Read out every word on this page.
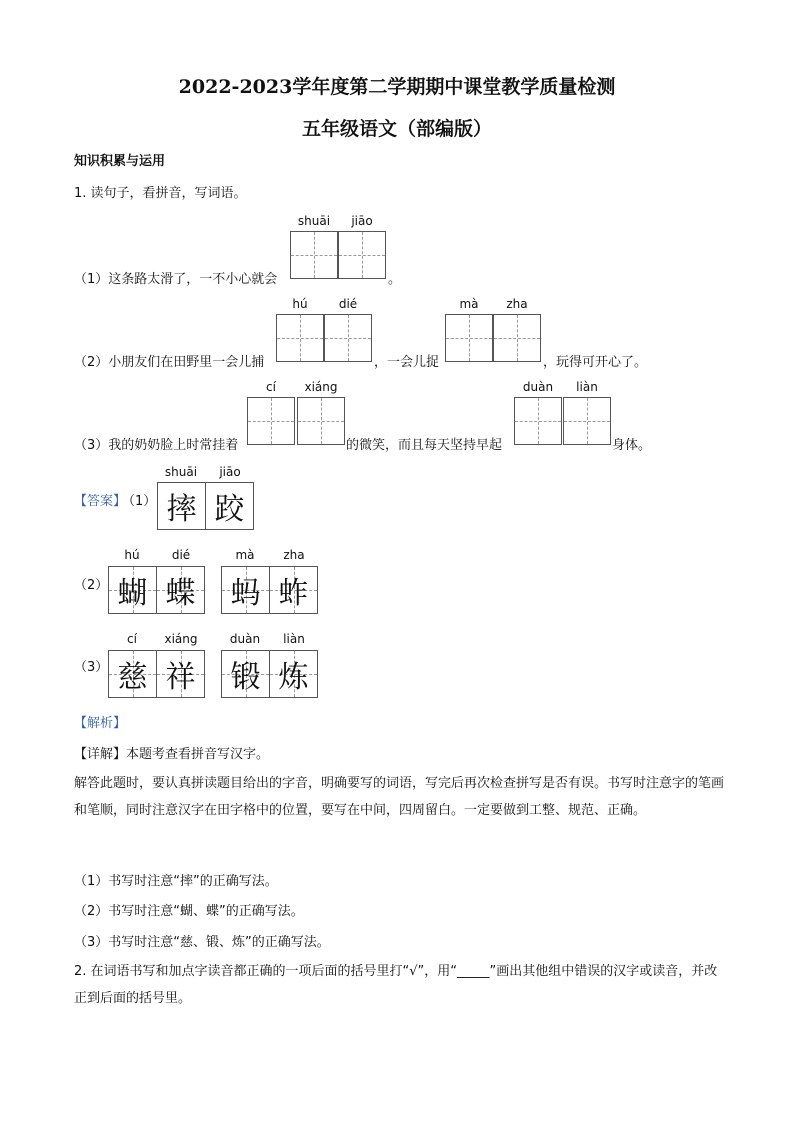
2022-2023学年度第二学期期中课堂教学质量检测
五年级语文（部编版）
知识积累与运用
1. 读句子，看拼音，写词语。
shuāi	jiāo
（1）这条路太滑了，一不小心就会	。
hú	dié	mà	zha
（2）小朋友们在田野里一会儿捕	，一会儿捉	，玩得可开心了。
cí	xiáng	duàn	liàn
（3）我的奶奶脸上时常挂着	的微笑，而且每天坚持早起	身体。
【答案】
（1）
shuāi	jiāo
摔 跤
（2）
hú	dié
蝴 蝶
mà	zha
蚂 蚱
（3）
cí	xiáng
慈 祥
duàn	liàn
锻 炼
【解析】
【详解】本题考查看拼音写汉字。
解答此题时，要认真拼读题目给出的字音，明确要写的词语，写完后再次检查拼写是否有误。书写时注意字的笔画和笔顺，同时注意汉字在田字格中的位置，要写在中间，四周留白。一定要做到工整、规范、正确。
（1）书写时注意“摔”的正确写法。
（2）书写时注意“蝴、蝶”的正确写法。
（3）书写时注意“慈、锻、炼”的正确写法。
2. 在词语书写和加点字读音都正确的一项后面的括号里打“√”，用“_____”画出其他组中错误的汉字或读音，并改正到后面的括号里。
